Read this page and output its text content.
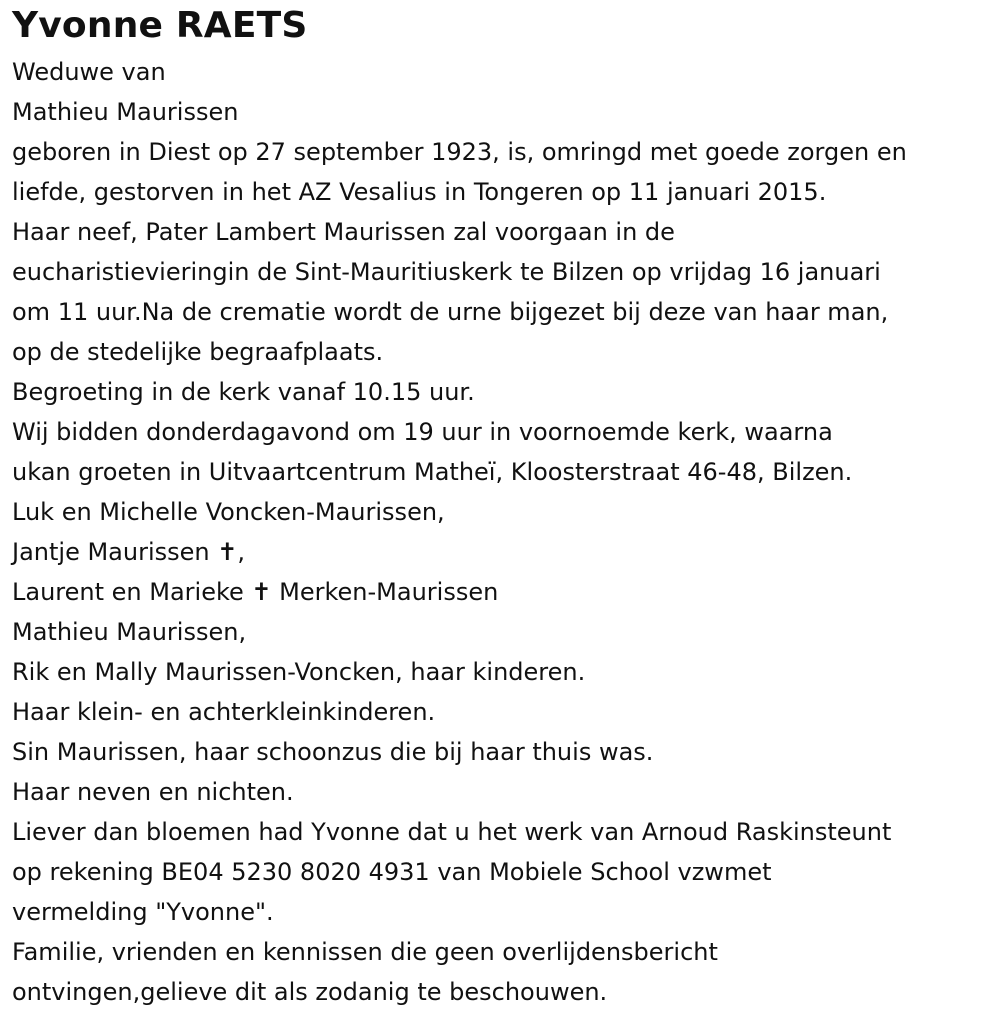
Yvonne RAETS

Weduwe van

Mathieu Maurissen

geboren in Diest op 27 september 1923, is, omringd met goede zorgen en

liefde, gestorven in het AZ Vesalius in Tongeren op 11 januari 2015.

Haar neef, Pater Lambert Maurissen zal voorgaan in de

eucharistievieringin de Sint-Mauritiuskerk te Bilzen op vrijdag 16 januari

om 11 uur.Na de crematie wordt de urne bijgezet bij deze van haar man,

op de stedelijke begraafplaats.

Begroeting in de kerk vanaf 10.15 uur.

Wij bidden donderdagavond om 19 uur in voornoemde kerk, waarna

ukan groeten in Uitvaartcentrum Matheï, Kloosterstraat 46-48, Bilzen.

Luk en Michelle Voncken-Maurissen,

Jantje Maurissen ✝,

Laurent en Marieke ✝ Merken-Maurissen

Mathieu Maurissen,

Rik en Mally Maurissen-Voncken, haar kinderen.

Haar klein- en achterkleinkinderen.

Sin Maurissen, haar schoonzus die bij haar thuis was.

Haar neven en nichten.

Liever dan bloemen had Yvonne dat u het werk van Arnoud Raskinsteunt

op rekening BE04 5230 8020 4931 van Mobiele School vzwmet

vermelding "Yvonne".

Familie, vrienden en kennissen die geen overlijdensbericht

ontvingen,gelieve dit als zodanig te beschouwen.
